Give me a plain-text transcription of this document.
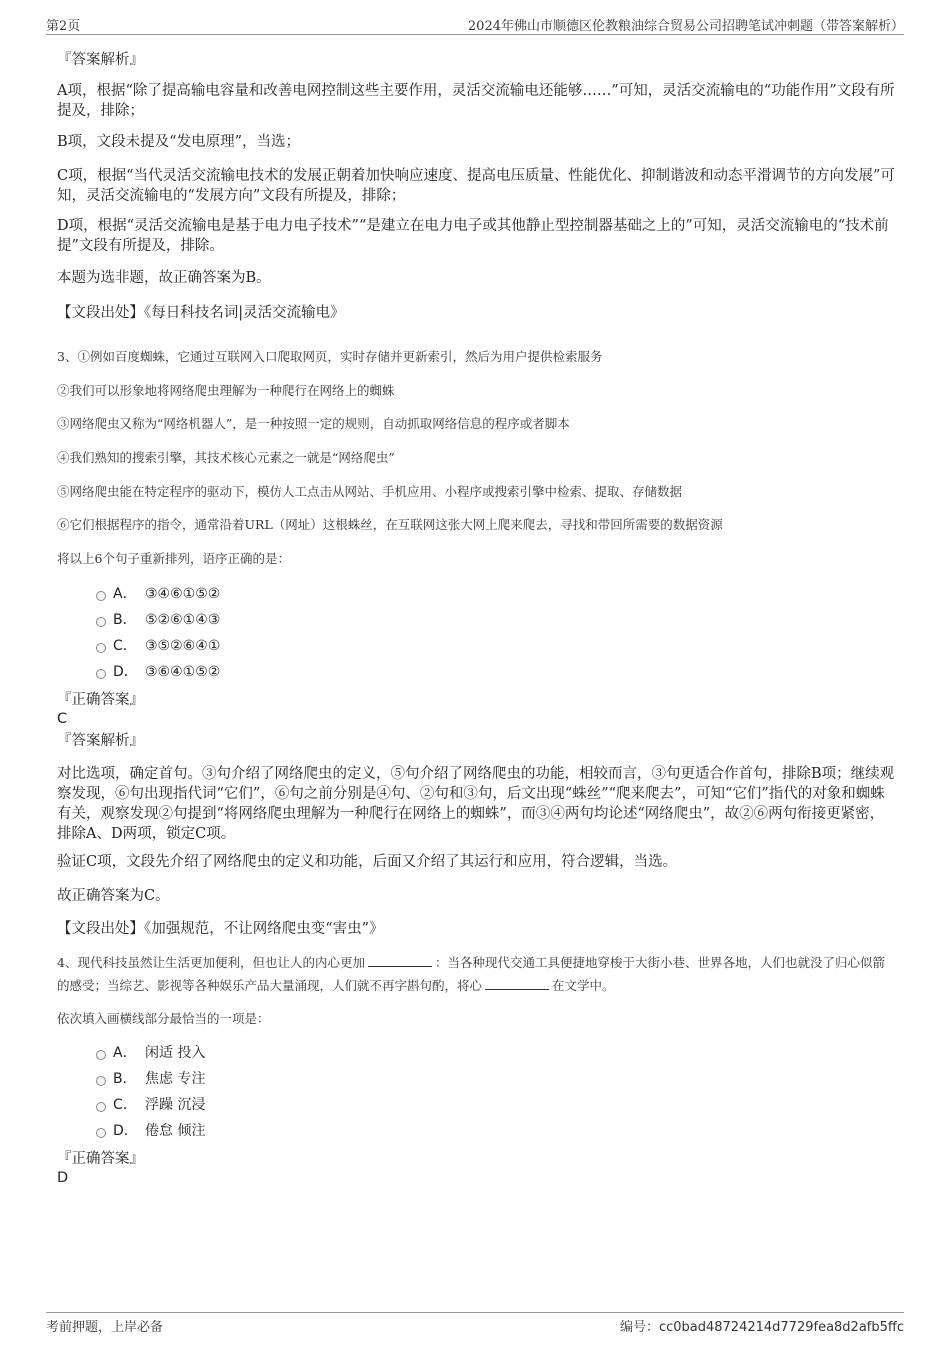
第2页	2024年佛山市顺德区伦教粮油综合贸易公司招聘笔试冲刺题（带答案解析）
『答案解析』
A项，根据“除了提高输电容量和改善电网控制这些主要作用，灵活交流输电还能够……”可知，灵活交流输电的“功能作用”文段有所提及，排除；
B项，文段未提及“发电原理”，当选；
C项，根据“当代灵活交流输电技术的发展正朝着加快响应速度、提高电压质量、性能优化、抑制谐波和动态平滑调节的方向发展”可知，灵活交流输电的“发展方向”文段有所提及，排除；
D项，根据“灵活交流输电是基于电力电子技术”“是建立在电力电子或其他静止型控制器基础之上的”可知，灵活交流输电的“技术前提”文段有所提及，排除。
本题为选非题，故正确答案为B。
【文段出处】《每日科技名词|灵活交流输电》
3、①例如百度蜘蛛，它通过互联网入口爬取网页，实时存储并更新索引，然后为用户提供检索服务
②我们可以形象地将网络爬虫理解为一种爬行在网络上的蜘蛛
③网络爬虫又称为“网络机器人”，是一种按照一定的规则，自动抓取网络信息的程序或者脚本
④我们熟知的搜索引擎，其技术核心元素之一就是“网络爬虫”
⑤网络爬虫能在特定程序的驱动下，模仿人工点击从网站、手机应用、小程序或搜索引擎中检索、提取、存储数据
⑥它们根据程序的指令，通常沿着URL（网址）这根蛛丝，在互联网这张大网上爬来爬去，寻找和带回所需要的数据资源
将以上6个句子重新排列，语序正确的是：
A． ③④⑥①⑤②
B． ⑤②⑥①④③
C． ③⑤②⑥④①
D． ③⑥④①⑤②
『正确答案』
C
『答案解析』
对比选项，确定首句。③句介绍了网络爬虫的定义，⑤句介绍了网络爬虫的功能，相较而言，③句更适合作首句，排除B项；继续观察发现，⑥句出现指代词“它们”，⑥句之前分别是④句、②句和③句，后文出现“蛛丝”“爬来爬去”，可知“它们”指代的对象和蜘蛛有关，观察发现②句提到“将网络爬虫理解为一种爬行在网络上的蜘蛛”，而③④两句均论述“网络爬虫”，故②⑥两句衔接更紧密，排除A、D两项，锁定C项。
验证C项，文段先介绍了网络爬虫的定义和功能，后面又介绍了其运行和应用，符合逻辑，当选。
故正确答案为C。
【文段出处】《加强规范，不让网络爬虫变“害虫”》
4、现代科技虽然让生活更加便利，但也让人的内心更加	：当各种现代交通工具便捷地穿梭于大街小巷、世界各地，人们也就没了归心似箭的感受；当综艺、影视等各种娱乐产品大量涌现，人们就不再字斟句酌，将心	在文学中。
依次填入画横线部分最恰当的一项是：
A． 闲适 投入
B． 焦虑 专注
C． 浮躁 沉浸
D． 倦怠 倾注
『正确答案』
D
考前押题，上岸必备	编号：cc0bad48724214d7729fea8d2afb5ffc
